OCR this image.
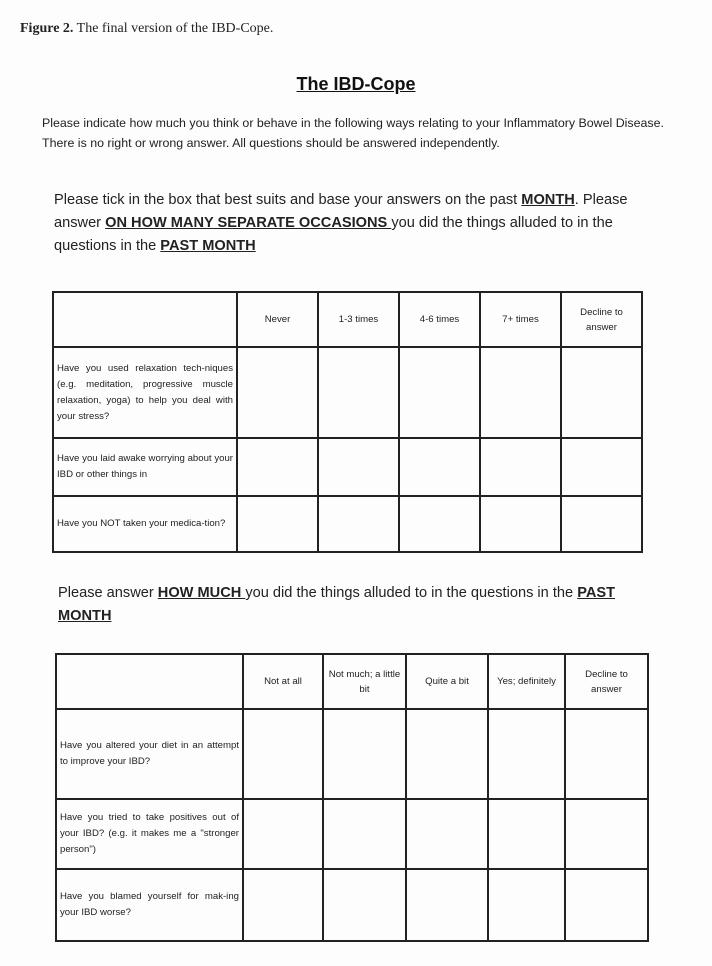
Figure 2. The final version of the IBD-Cope.
The IBD-Cope
Please indicate how much you think or behave in the following ways relating to your Inflammatory Bowel Disease. There is no right or wrong answer. All questions should be answered independently.
Please tick in the box that best suits and base your answers on the past MONTH. Please answer ON HOW MANY SEPARATE OCCASIONS you did the things alluded to in the questions in the PAST MONTH
	Never	1-3 times	4-6 times	7+ times	Decline to answer
Have you used relaxation tech-niques (e.g. meditation, progressive muscle relaxation, yoga) to help you deal with your stress?					
Have you laid awake worrying about your IBD or other things in					
Have you NOT taken your medica-tion?					
Please answer HOW MUCH you did the things alluded to in the questions in the PAST MONTH
	Not at all	Not much; a little bit	Quite a bit	Yes; definitely	Decline to answer
Have you altered your diet in an attempt to improve your IBD?					
Have you tried to take positives out of your IBD? (e.g. it makes me a "stronger person")					
Have you blamed yourself for mak-ing your IBD worse?					
